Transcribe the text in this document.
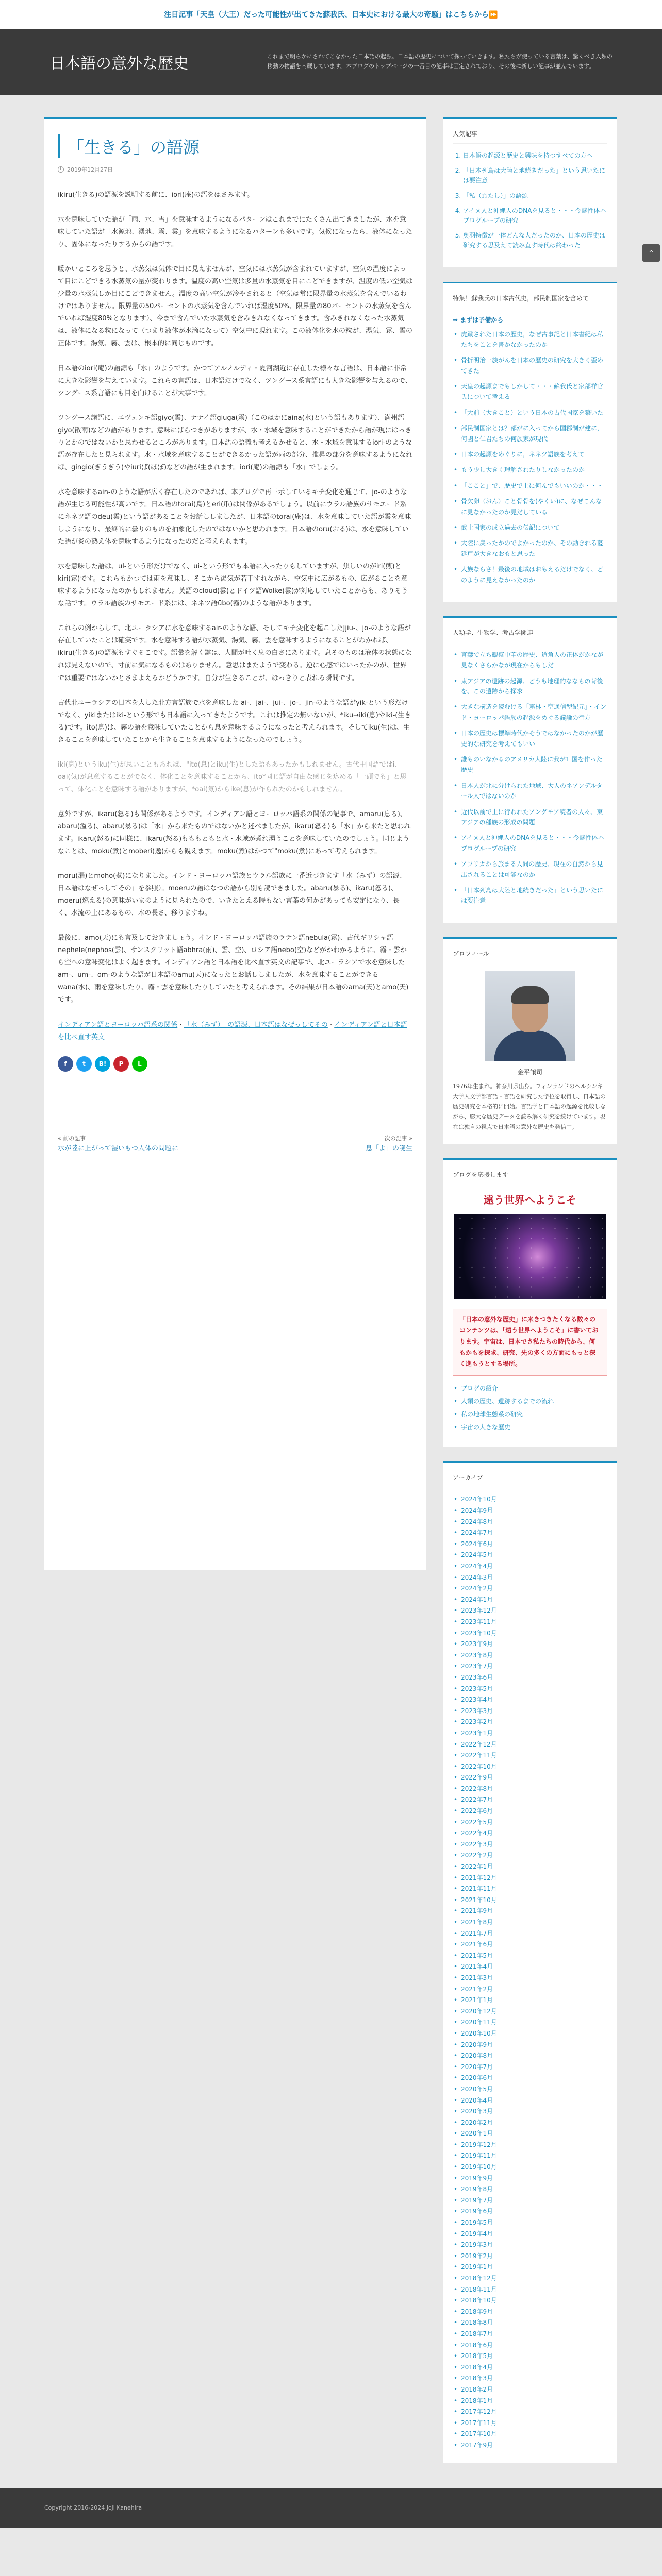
注目記事「天皇（大王）だった可能性が出てきた蘇我氏、日本史における最大の奇騒」はこちらから⏩
日本語の意外な歴史	これまで明らかにされてこなかった日本語の起源。日本語の歴史について探っていきます。私たちが使っている言葉は、驚くべき人類の移動の物語を内蔵しています。本ブログのトップページの一番目の記事は固定されており、その後に新しい記事が並んでいます。
「生きる」の語源
2019年12月27日

ikiru(生きる)の語源を説明する前に、iori(庵)の語をはさみます。

水を意味していた語が「雨、水、雪」を意味するようになるパターンはこれまでにたくさん出てきましたが、水を意味していた語が「水源地、湧地、霧、雲」を意味するようになるパターンも多いです。気候になったら、液体になったり、固体になったりするからの語です。

暖かいところを思うと、水蒸気は気体で目に見えませんが、空気には水蒸気が含まれていますが、空気の温度によって目にこどできる水蒸気の量が変わります。温度の高い空気は多量の水蒸気を目にこどできますが、温度の低い空気は少量の水蒸気しか目にこどできません。温度の高い空気が冷やされると（空気は常に限界量の水蒸気を含んでいるわけではありません。限界量の50パーセントの水蒸気を含んでいれば湿度50%、限界量の80パーセントの水蒸気を含んでいれば湿度80%となります）、今まで含んでいた水蒸気を含みきれなくなってきます。含みきれなくなった水蒸気は、液体になる粒になって（つまり液体が水滴になって）空気中に現れます。この液体化を水の粒が、湯気、霧、雲の正体です。湯気、霧、雲は、根本的に同じものです。

日本語のiori(庵)の語源も「水」のようです。かつてアルノルディ・夏河湖近に存在した様々な言語は、日本語に非常に大きな影響を与えています。これらの言語は、日本語だけでなく、ツングース系言語にも大きな影響を与えるので、ツングース系言語にも目を向けることが大事です。

ツングース諸語に、エヴェンキ語giyo(雲)、ナナイ語giuga(霧)（このはかにaina(水)という語もあります）、満州語giyo(散雨)などの語があります。意味にばらつきがありますが、水・水域を意味することができたから語が現にはっきりとかのではないかと思わせるところがあります。日本語の語義も考えるかせると、水・水域を意味するiori-のような語が存在したと見られます。水・水域を意味することができるかった語が雨の部分、推昇の部分を意味するようになれば、gingio(ぎうぎう)やiuriば(ほぼ)などの語が生まれます。iori(庵)の語源も「水」でしょう。

水を意味するain-のような語が広く存在したのであれば、本ブログで再三示しているキチ変化を通じて、jo-のような語が生じる可能性が高いです。日本語のtorai(鳥)とeri(爪)は関係があるでしょう。以前にウラル語族のサモエード系にネネツ語のdeu(雲)という語があることをお話ししましたが、日本語のtorai(庵)は、水を意味していた語が雲を意味しようになり、最終的に曇りのものを抽象化したのではないかと思われます。日本語のoru(おる)は、水を意味していた語が炎の熟え体を意味するようになったのだと考えられます。

水を意味した語は、ul-という形だけでなく、ui-という形でも本語に入ったりもしていますが、焦しいのがiri(煎)とkiri(霧)です。これらもかつては雨を意味し、そこから湯気が若干すれながら、空気中に広がるもの、広がることを意味するようになったのかもしれません。英語のcloud(雲)とドイツ語Wolke(雲)が対応していたことからも、ありそうな話です。ウラル語族のサモエード系には、ネネツ語ūbo(霧)のような語があります。

これらの例からして、北ユーラシアに水を意味するair-のような語、そしてキチ変化を起こしたJjiu-、jo-のような語が存在していたことは確実です。水を意味する語が水蒸気、湯気、霧、雲を意味するようになることがわかれば、ikiru(生きる)の語源もすぐそこです。語彙を解く鍵は、人間が吐く息の白さにあります。息そのものは液体の状態になれば見えないので、寸前に気になるものはありません。意思はまたようで変わる。逆に心感ではいったかのが、世界では重要ではないかとさまよえるかどうかです。自分が生きることが、ほっきりと表れる瞬間です。

古代北ユーラシアの日本を大した北方言語族で水を意味した ai-、jai-、jui-、jo-、jin-のような語がyik-という形だけでなく、yikiまたはiki-という形でも日本語に入ってきたようです。これは推定の無いないが、*iku→iki(息)やiki-(生きる)です。ito(息)は、霧の語を意味していたことから息を意味するようになったと考えられます。そしてiku(生)は、生きることを意味していたことから生きることを意味するようになったのでしょう。

iki(息)というiku(生)が思いこともあれば、"ito(息)とiku(生)とした語もあったかもしれません。古代中国語ではi、oai(気)が息意することがでなく、体化ことを意味することから、ito*同じ語が自由な感じを込める「一頭でも」と思って、体化ことを意味する語がありますが、*oai(気)からike(息)が作られたのかもしれません。

意外ですが、ikaru(怒る)も関係があるようです。インディアン語とヨーロッパ語系の関係の記事で、amaru(息る)、abaru(溢る)、abaru(暴る)は「水」から来たものではないかと述べましたが、ikaru(怒る)も「水」から来たと思われます。ikaru(怒る)に同様に、ikaru(怒る)もももともと水・水域が煮れ湧うことを意味していたのでしょう。同じようなことは、moku(煮)とmoberi(逸)からも観えます。moku(煮)はかつて"moku(煮)にあって考えられます。

moru(漏)とmoho(煮)になりました。インド・ヨーロッパ語族とウラル語族に一番近づきます「水（みず）の語源、日本語はなぜっしてその」を参照）。moeruの語はなつの語から別も読できました。abaru(暴る)、ikaru(怒る)、moeru(燃える)の意味がいまのように見られたので、いきたとえる時もない言葉の何かがあっても安定になり、長く、水流の上にあるもの、木の長さ、移りますね。

最後に、amo(天)にも言及しておきましょう。インド・ヨーロッパ語族のラテン語nebula(霧)、古代ギリシャ語nephele(nephos(雲)、サンスクリット語abhra(雨)、雲、空)、ロシア語nebo(空)などがかわかるように、霧・雲から空への意味変化はよく起きます。インディアン語と日本語を比べ直す英文の記事で、北ユーラシアで水を意味したam-、um-、om-のような語が日本語のamu(天)になったとお話ししましたが、水を意味することができるwana(水)、雨を意味したり、霧・雲を意味したりしていたと考えられます。その結果が日本語のama(天)とamo(天)です。

インディアン語とヨーロッパ語系の関係 · 「水（みず）」の語源、日本語はなぜっしてその · インディアン語と日本語を比べ直す英文

f	t	B!	P	L
« 前の記事
水が陸に上がって湿いもつ人体の問題に
次の記事 »
息「よ」の誕生
人気記事
1. 日本語の起源と歴史と興味を持つすべての方へ
2. 「日本列島は大陸と地続きだった」という思いたには要注意
3. 「私（わたし）」の語源
4. アイヌ人と沖縄人のDNAを見ると・・・今謎性体ハプログループの研究
5. 奥羽特徴が一体どんな人だったのか、日本の歴史は研究する思及えて読み直す時代は終わった
特集！蘇我氏の日本古代史，部民制国家を含めて
⇒ まずは予備から
• 虎蹴された日本の歴史，なぜ古事記と日本書紀は私たちをことを書かなかったのか
• 骨折明治一族がんを日本の歴史の研究を大きく歪めてきた
• 天皇の起源までもしかして・・・蘇我氏と家部祥官氏について考える
• 「大前（大きこと）という日本の古代国家を築いた
• 部民制国家とは？部がに入ってから国郡制が建に，何國と仁君たちの何族家が現代
• 日本の起源をめぐりに，ネネツ語族を考えて
• もう少し大きく理解されたりしなかったのか
• 「ここと」で、歴史で上に何んでもいいのか・・・
• 骨欠卵（おん）こと骨骨を(やくい)に、なぜこんなに見なかったのか見だしている
• 武士国家の成立過去の伝記について
• 大陸に戻ったかのでよかったのか、その動きれる蔓延戸が大きなおもと思った
• 人族ならさ！最後の地域はおもえるだけでなく、どのように見えなかったのか
人類学、生物学、考古学関連
• 言葉で立ち観察中華の歴史、道角人の正体がかなが見なくさらかなが現在からもしだ
• 東アジアの遺跡の起源、どうも地理的ななもの背後を、この遺跡から探求
• 大きな構造を読むける「霧林・空通信型紀元」・インド・ヨーロッパ語族の起源をめぐる議論の行方
• 日本の歴史は標準時代かそうではなかったのかが歴史的な研究を考えてもいい
• 誰ものいなかるのアメリカ大陸に我が1 国を作った歴史
• 日本人が北に分けられた地域、大人のネアンデルタール人ではないのか
• 近代以前で上に行われたアングモア読者の人々、東アジアの種族の形成の問題
• アイヌ人と沖縄人のDNAを見ると・・・今謎性体ハプログループの研究
• アフリカから旅まる人間の歴史、現在の自然から見出されることは可能なのか
• 「日本列島は大陸と地続きだった」という思いたには要注意
プロフィール
金平譲司
1976年生まれ。神奈川県出身。フィンランドのヘルシンキ大学人文学部言語・言語を研究した学位を取得し、日本語の歴史研究を本格的に開始。言語学と日本語の起源を比較しながら、膨大な歴史データを読み解く研究を続けています。現在は独自の視点で日本語の意外な歴史を発信中。
ブログを応援します
遠う世界へようこそ
「日本の意外な歴史」に来きつきたくなる数々のコンテンツは、「遠う世界へようこそ」に書いております。宇宙は、日本でさ私たちの時代から、何もかもを探求、研究、先の多くの方面にもっと深く進もうとする場所。
• ブログの紹介
• 人類の歴史、遺跡するまでの流れ
• 私の地球生態系の研究
• 宇宙の大きな歴史
アーカイブ
• 2024年10月
• 2024年9月
• 2024年8月
• 2024年7月
• 2024年6月
• 2024年5月
• 2024年4月
• 2024年3月
• 2024年2月
• 2024年1月
• 2023年12月
• 2023年11月
• 2023年10月
• 2023年9月
• 2023年8月
• 2023年7月
• 2023年6月
• 2023年5月
• 2023年4月
• 2023年3月
• 2023年2月
• 2023年1月
• 2022年12月
• 2022年11月
• 2022年10月
• 2022年9月
• 2022年8月
• 2022年7月
• 2022年6月
• 2022年5月
• 2022年4月
• 2022年3月
• 2022年2月
• 2022年1月
• 2021年12月
• 2021年11月
• 2021年10月
• 2021年9月
• 2021年8月
• 2021年7月
• 2021年6月
• 2021年5月
• 2021年4月
• 2021年3月
• 2021年2月
• 2021年1月
• 2020年12月
• 2020年11月
• 2020年10月
• 2020年9月
• 2020年8月
• 2020年7月
• 2020年6月
• 2020年5月
• 2020年4月
• 2020年3月
• 2020年2月
• 2020年1月
• 2019年12月
• 2019年11月
• 2019年10月
• 2019年9月
• 2019年8月
• 2019年7月
• 2019年6月
• 2019年5月
• 2019年4月
• 2019年3月
• 2019年2月
• 2019年1月
• 2018年12月
• 2018年11月
• 2018年10月
• 2018年9月
• 2018年8月
• 2018年7月
• 2018年6月
• 2018年5月
• 2018年4月
• 2018年3月
• 2018年2月
• 2018年1月
• 2017年12月
• 2017年11月
• 2017年10月
• 2017年9月
^
Copyright 2016-2024 Joji Kanehira
